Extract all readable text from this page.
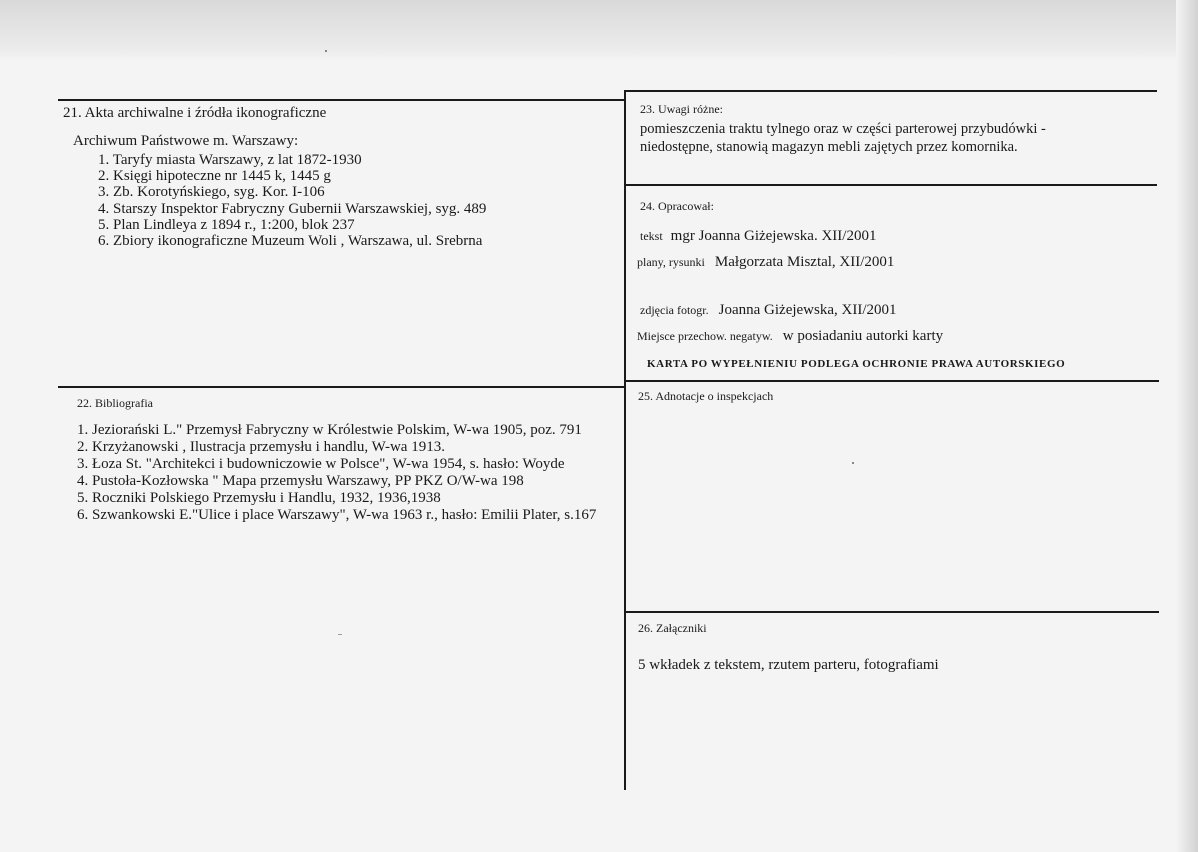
21. Akta archiwalne i źródła ikonograficzne
Archiwum Państwowe m. Warszawy:
1. Taryfy miasta Warszawy, z lat 1872-1930
2. Księgi hipoteczne nr 1445 k, 1445 g
3. Zb. Korotyńskiego, syg. Kor. I-106
4. Starszy Inspektor Fabryczny Gubernii Warszawskiej, syg. 489
5. Plan Lindleya z 1894 r., 1:200, blok 237
6. Zbiory ikonograficzne Muzeum Woli , Warszawa, ul. Srebrna
22. Bibliografia
1. Jeziorański L." Przemysł Fabryczny w Królestwie Polskim, W-wa 1905, poz. 791
2. Krzyżanowski , Ilustracja przemysłu i handlu, W-wa 1913.
3. Łoza St. "Architekci i budowniczowie w Polsce", W-wa 1954, s. hasło: Woyde
4. Pustoła-Kozłowska " Mapa przemysłu Warszawy, PP PKZ O/W-wa 198
5. Roczniki Polskiego Przemysłu i Handlu, 1932, 1936,1938
6. Szwankowski E."Ulice i place Warszawy", W-wa 1963 r., hasło: Emilii Plater, s.167
23. Uwagi różne:
pomieszczenia traktu tylnego oraz w części parterowej przybudówki - niedostępne, stanowią magazyn mebli zajętych przez komornika.
24. Opracował:
tekst mgr Joanna Giżejewska. XII/2001
plany, rysunki Małgorzata Misztal, XII/2001
zdjęcia fotogr. Joanna Giżejewska, XII/2001
Miejsce przechow. negatyw. w posiadaniu autorki karty
KARTA PO WYPEŁNIENIU PODLEGA OCHRONIE PRAWA AUTORSKIEGO
25. Adnotacje o inspekcjach
26. Załączniki
5 wkładek z tekstem, rzutem parteru, fotografiami
